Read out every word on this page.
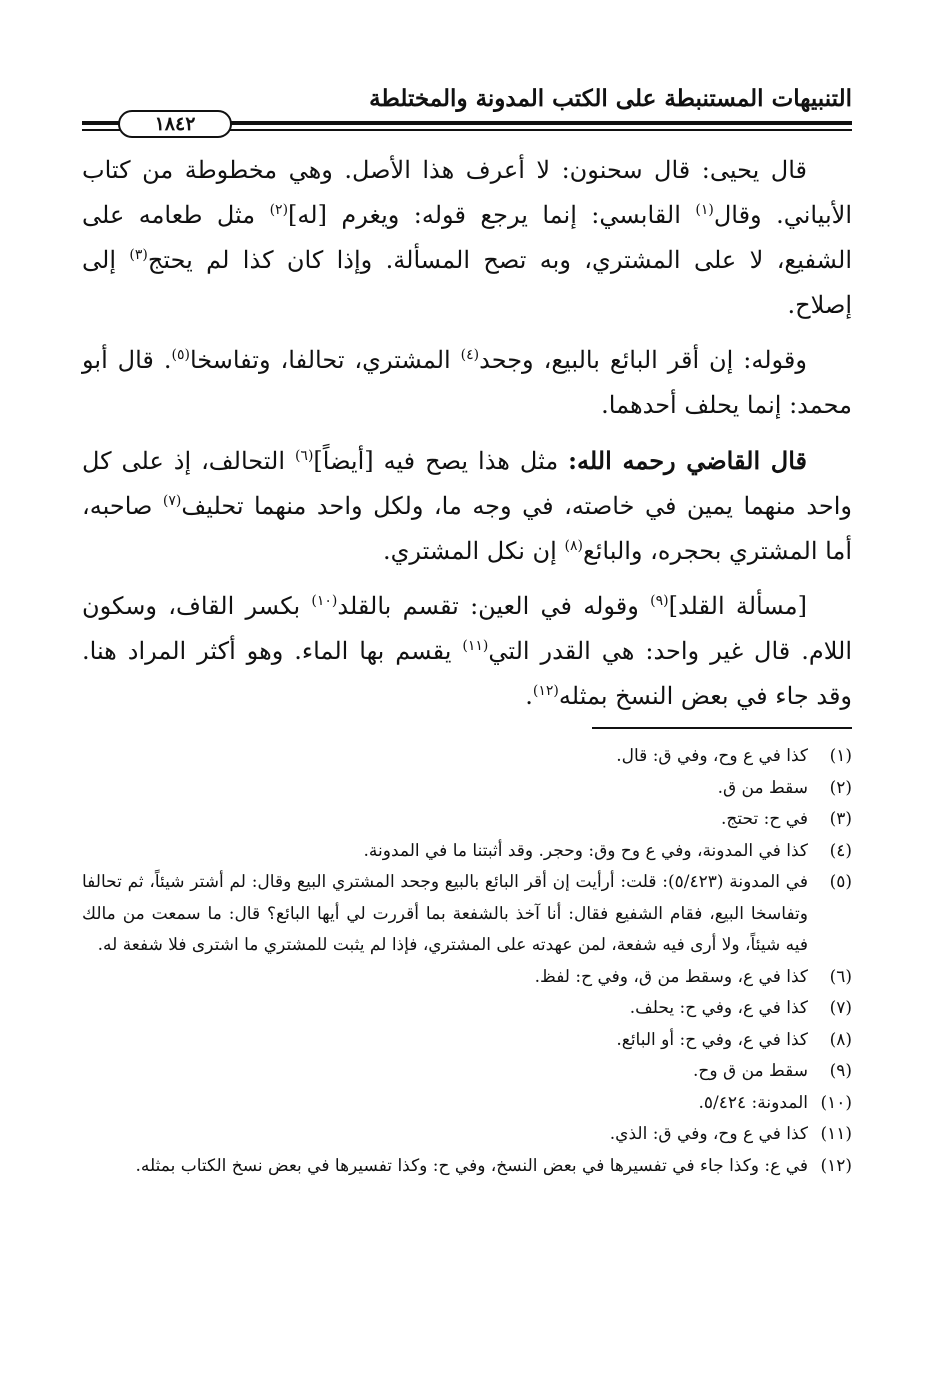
التنبيهات المستنبطة على الكتب المدونة والمختلطة
١٨٤٢

قال يحيى: قال سحنون: لا أعرف هذا الأصل. وهي مخطوطة من كتاب الأبياني. وقال$^{(١)}$ القابسي: إنما يرجع قوله: ويغرم [له]$^{(٢)}$ مثل طعامه على الشفيع، لا على المشتري، وبه تصح المسألة. وإذا كان كذا لم يحتج$^{(٣)}$ إلى إصلاح.

وقوله: إن أقر البائع بالبيع، وجحد$^{(٤)}$ المشتري، تحالفا، وتفاسخا$^{(٥)}$. قال أبو محمد: إنما يحلف أحدهما.

قال القاضي رحمه الله: مثل هذا يصح فيه [أيضاً]$^{(٦)}$ التحالف، إذ على كل واحد منهما يمين في خاصته، في وجه ما، ولكل واحد منهما تحليف$^{(٧)}$ صاحبه، أما المشتري بحجره، والبائع$^{(٨)}$ إن نكل المشتري.

[مسألة القلد]$^{(٩)}$ وقوله في العين: تقسم بالقلد$^{(١٠)}$ بكسر القاف، وسكون اللام. قال غير واحد: هي القدر التي$^{(١١)}$ يقسم بها الماء. وهو أكثر المراد هنا. وقد جاء في بعض النسخ بمثله$^{(١٢)}$.

(١)
كذا في ع وح، وفي ق: قال.
(٢)
سقط من ق.
(٣)
في ح: تحتج.
(٤)
كذا في المدونة، وفي ع وح وق: وحجر. وقد أثبتنا ما في المدونة.
(٥)
في المدونة (٥/٤٢٣): قلت: أرأيت إن أقر البائع بالبيع وجحد المشتري البيع وقال: لم أشتر شيئاً، ثم تحالفا وتفاسخا البيع، فقام الشفيع فقال: أنا آخذ بالشفعة بما أقررت لي أيها البائع؟ قال: ما سمعت من مالك فيه شيئاً، ولا أرى فيه شفعة، لمن عهدته على المشتري، فإذا لم يثبت للمشتري ما اشترى فلا شفعة له.
(٦)
كذا في ع، وسقط من ق، وفي ح: لفظ.
(٧)
كذا في ع، وفي ح: يحلف.
(٨)
كذا في ع، وفي ح: أو البائع.
(٩)
سقط من ق وح.
(١٠)
المدونة: ٥/٤٢٤.
(١١)
كذا في ع وح، وفي ق: الذي.
(١٢)
في ع: وكذا جاء في تفسيرها في بعض النسخ، وفي ح: وكذا تفسيرها في بعض نسخ الكتاب بمثله.
